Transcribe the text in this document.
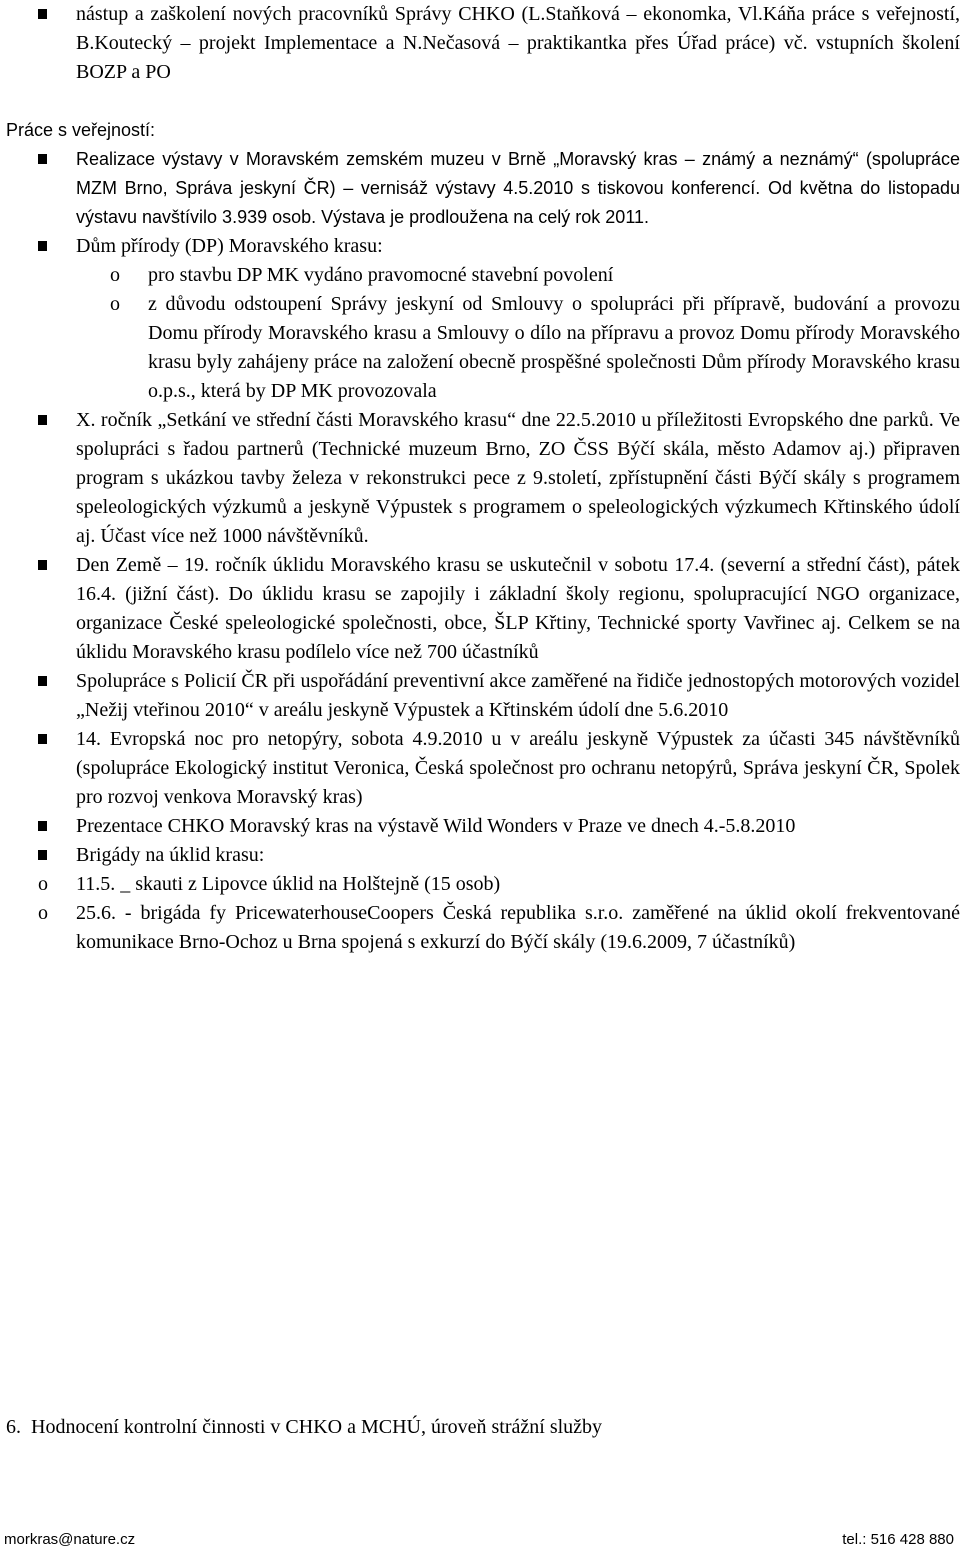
nástup a zaškolení nových pracovníků Správy CHKO (L.Staňková – ekonomka, Vl.Káňa práce s veřejností, B.Koutecký – projekt Implementace a N.Nečasová – praktikantka přes Úřad práce) vč. vstupních školení BOZP a PO
Práce s veřejností:
Realizace výstavy v Moravském zemském muzeu v Brně „Moravský kras – známý a neznámý“ (spolupráce MZM Brno, Správa jeskyní ČR) – vernisáž výstavy 4.5.2010 s tiskovou konferencí. Od května do listopadu výstavu navštívilo 3.939 osob. Výstava je prodloužena na celý rok 2011.
Dům přírody (DP) Moravského krasu:
o pro stavbu DP MK vydáno pravomocné stavební povolení
o z důvodu odstoupení Správy jeskyní od Smlouvy o spolupráci při přípravě, budování a provozu Domu přírody Moravského krasu a Smlouvy o dílo na přípravu a provoz Domu přírody Moravského krasu byly zahájeny práce na založení obecně prospěšné společnosti Dům přírody Moravského krasu o.p.s., která by DP MK provozovala
X. ročník „Setkání ve střední části Moravského krasu“ dne 22.5.2010 u příležitosti Evropského dne parků. Ve spolupráci s řadou partnerů (Technické muzeum Brno, ZO ČSS Býčí skála, město Adamov aj.) připraven program s ukázkou tavby železa v rekonstrukci pece z 9.století, zpřístupnění části Býčí skály s programem speleologických výzkumů a jeskyně Výpustek s programem o speleologických výzkumech Křtinského údolí aj. Účast více než 1000 návštěvníků.
Den Země – 19. ročník úklidu Moravského krasu se uskutečnil v sobotu 17.4. (severní a střední část), pátek 16.4. (jižní část). Do úklidu krasu se zapojily i základní školy regionu, spolupracující NGO organizace, organizace České speleologické společnosti, obce, ŠLP Křtiny, Technické sporty Vavřinec aj. Celkem se na úklidu Moravského krasu podílelo více než 700 účastníků
Spolupráce s Policií ČR při uspořádání preventivní akce zaměřené na řidiče jednostopých motorových vozidel „Nežij vteřinou 2010“ v areálu jeskyně Výpustek a Křtinském údolí dne 5.6.2010
14. Evropská noc pro netopýry, sobota 4.9.2010 u v areálu jeskyně Výpustek za účasti 345 návštěvníků (spolupráce Ekologický institut Veronica, Česká společnost pro ochranu netopýrů, Správa jeskyní ČR, Spolek pro rozvoj venkova Moravský kras)
Prezentace CHKO Moravský kras na výstavě Wild Wonders v Praze ve dnech 4.-5.8.2010
Brigády na úklid krasu:
o 11.5. _ skauti z Lipovce úklid na Holštejně (15 osob)
o 25.6. - brigáda fy PricewaterhouseCoopers Česká republika s.r.o. zaměřené na úklid okolí frekventované komunikace Brno-Ochoz u Brna spojená s exkurzí do Býčí skály (19.6.2009, 7 účastníků)
6. Hodnocení kontrolní činnosti v CHKO a MCHÚ, úroveň strážní služby
morkras@nature.cz	tel.: 516 428 880
